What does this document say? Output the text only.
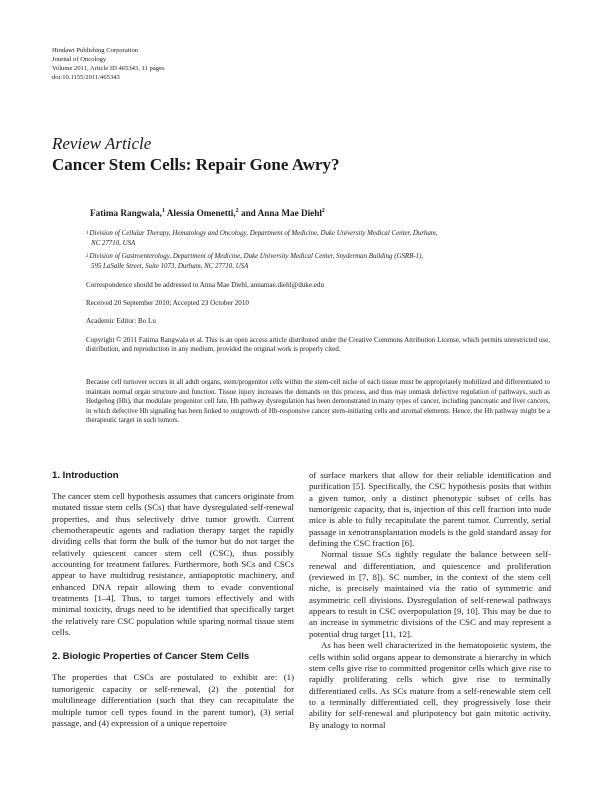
Hindawi Publishing Corporation
Journal of Oncology
Volume 2011, Article ID 465343, 11 pages
doi:10.1155/2011/465343
Review Article
Cancer Stem Cells: Repair Gone Awry?
Fatima Rangwala,$^1$ Alessia Omenetti,$^2$ and Anna Mae Diehl$^2$
$^1$Division of Cellular Therapy, Hematology and Oncology, Department of Medicine, Duke University Medical Center, Durham,
NC 27710, USA
$^2$Division of Gastroenterology, Department of Medicine, Duke University Medical Center, Snyderman Building (GSRB-1),
595 LaSalle Street, Suite 1073, Durham, NC 27710, USA
Correspondence should be addressed to Anna Mae Diehl, annamae.diehl@duke.edu
Received 20 September 2010; Accepted 23 October 2010
Academic Editor: Bo Lu
Copyright © 2011 Fatima Rangwala et al. This is an open access article distributed under the Creative Commons Attribution License, which permits unrestricted use, distribution, and reproduction in any medium, provided the original work is properly cited.
Because cell turnover occurs in all adult organs, stem/progenitor cells within the stem-cell niche of each tissue must be appropriately mobilized and differentiated to maintain normal organ structure and function. Tissue injury increases the demands on this process, and thus may unmask defective regulation of pathways, such as Hedgehog (Hh), that modulate progenitor cell fate. Hh pathway dysregulation has been demonstrated in many types of cancer, including pancreatic and liver cancers, in which defective Hh signaling has been linked to outgrowth of Hh-responsive cancer stem-initiating cells and stromal elements. Hence, the Hh pathway might be a therapeutic target in such tumors.
1. Introduction

The cancer stem cell hypothesis assumes that cancers originate from mutated tissue stem cells (SCs) that have dysregulated self-renewal properties, and thus selectively drive tumor growth. Current chemotherapeutic agents and radiation therapy target the rapidly dividing cells that form the bulk of the tumor but do not target the relatively quiescent cancer stem cell (CSC), thus possibly accounting for treatment failures. Furthermore, both SCs and CSCs appear to have multidrug resistance, antiapoptotic machinery, and enhanced DNA repair allowing them to evade conventional treatments [1–4]. Thus, to target tumors effectively and with minimal toxicity, drugs need to be identified that specifically target the relatively rare CSC population while sparing normal tissue stem cells.

2. Biologic Properties of Cancer Stem Cells

The properties that CSCs are postulated to exhibit are: (1) tumorigenic capacity or self-renewal, (2) the potential for multilineage differentiation (such that they can recapitulate the multiple tumor cell types found in the parent tumor), (3) serial passage, and (4) expression of a unique repertoire

of surface markers that allow for their reliable identification and purification [5]. Specifically, the CSC hypothesis posits that within a given tumor, only a distinct phenotypic subset of cells has tumorigenic capacity, that is, injection of this cell fraction into nude mice is able to fully recapitulate the parent tumor. Currently, serial passage in xenotransplantation models is the gold standard assay for defining the CSC fraction [6].

Normal tissue SCs tightly regulate the balance between self-renewal and differentiation, and quiescence and proliferation (reviewed in [7, 8]). SC number, in the context of the stem cell niche, is precisely maintained via the ratio of symmetric and asymmetric cell divisions. Dysregulation of self-renewal pathways appears to result in CSC overpopulation [9, 10]. This may be due to an increase in symmetric divisions of the CSC and may represent a potential drug target [11, 12].

As has been well characterized in the hematopoietic system, the cells within solid organs appear to demonstrate a hierarchy in which stem cells give rise to committed progenitor cells which give rise to rapidly proliferating cells which give rise to terminally differentiated cells. As SCs mature from a self-renewable stem cell to a terminally differentiated cell, they progressively lose their ability for self-renewal and pluripotency but gain mitotic activity. By analogy to normal
